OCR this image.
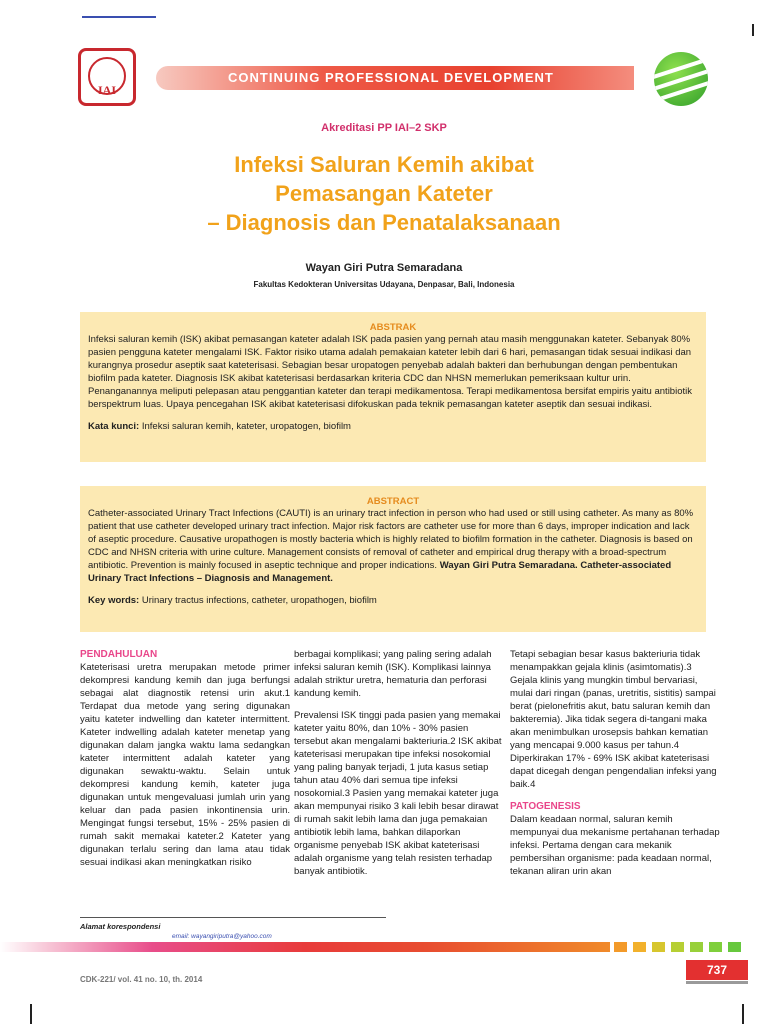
IAI
CONTINUING PROFESSIONAL DEVELOPMENT
Akreditasi PP IAI–2 SKP
Infeksi Saluran Kemih akibat
Pemasangan Kateter
– Diagnosis dan Penatalaksanaan
Wayan Giri Putra Semaradana
Fakultas Kedokteran Universitas Udayana, Denpasar, Bali, Indonesia
ABSTRAK

Infeksi saluran kemih (ISK) akibat pemasangan kateter adalah ISK pada pasien yang pernah atau masih menggunakan kateter. Sebanyak 80% pasien pengguna kateter mengalami ISK. Faktor risiko utama adalah pemakaian kateter lebih dari 6 hari, pemasangan tidak sesuai indikasi dan kurangnya prosedur aseptik saat kateterisasi. Sebagian besar uropatogen penyebab adalah bakteri dan berhubungan dengan pembentukan biofilm pada kateter. Diagnosis ISK akibat kateterisasi berdasarkan kriteria CDC dan NHSN memerlukan pemeriksaan kultur urin. Penanganannya meliputi pelepasan atau penggantian kateter dan terapi medikamentosa. Terapi medikamentosa bersifat empiris yaitu antibiotik berspektrum luas. Upaya pencegahan ISK akibat kateterisasi difokuskan pada teknik pemasangan kateter aseptik dan sesuai indikasi.

Kata kunci: Infeksi saluran kemih, kateter, uropatogen, biofilm

ABSTRACT

Catheter-associated Urinary Tract Infections (CAUTI) is an urinary tract infection in person who had used or still using catheter. As many as 80% patient that use catheter developed urinary tract infection. Major risk factors are catheter use for more than 6 days, improper indication and lack of aseptic procedure. Causative uropathogen is mostly bacteria which is highly related to biofilm formation in the catheter. Diagnosis is based on CDC and NHSN criteria with urine culture. Management consists of removal of catheter and empirical drug therapy with a broad-spectrum antibiotic. Prevention is mainly focused in aseptic technique and proper indications. Wayan Giri Putra Semaradana. Catheter-associated Urinary Tract Infections – Diagnosis and Management.

Key words: Urinary tractus infections, catheter, uropathogen, biofilm

PENDAHULUAN

Kateterisasi uretra merupakan metode primer dekompresi kandung kemih dan juga berfungsi sebagai alat diagnostik retensi urin akut.1 Terdapat dua metode yang sering digunakan yaitu kateter indwelling dan kateter intermittent. Kateter indwelling adalah kateter menetap yang digunakan dalam jangka waktu lama sedangkan kateter intermittent adalah kateter yang digunakan sewaktu-waktu. Selain untuk dekompresi kandung kemih, kateter juga digunakan untuk mengevaluasi jumlah urin yang keluar dan pada pasien inkontinensia urin. Mengingat fungsi tersebut, 15% - 25% pasien di rumah sakit memakai kateter.2 Kateter yang digunakan terlalu sering dan lama atau tidak sesuai indikasi akan meningkatkan risiko

berbagai komplikasi; yang paling sering adalah infeksi saluran kemih (ISK). Komplikasi lainnya adalah striktur uretra, hematuria dan perforasi kandung kemih.

Prevalensi ISK tinggi pada pasien yang memakai kateter yaitu 80%, dan 10% - 30% pasien tersebut akan mengalami bakteriuria.2 ISK akibat kateterisasi merupakan tipe infeksi nosokomial yang paling banyak terjadi, 1 juta kasus setiap tahun atau 40% dari semua tipe infeksi nosokomial.3 Pasien yang memakai kateter juga akan mempunyai risiko 3 kali lebih besar dirawat di rumah sakit lebih lama dan juga pemakaian antibiotik lebih lama, bahkan dilaporkan organisme penyebab ISK akibat kateterisasi adalah organisme yang telah resisten terhadap banyak antibiotik.

Tetapi sebagian besar kasus bakteriuria tidak menampakkan gejala klinis (asimtomatis).3 Gejala klinis yang mungkin timbul bervariasi, mulai dari ringan (panas, uretritis, sistitis) sampai berat (pielonefritis akut, batu saluran kemih dan bakteremia). Jika tidak segera di-tangani maka akan menimbulkan urosepsis bahkan kematian yang mencapai 9.000 kasus per tahun.4 Diperkirakan 17% - 69% ISK akibat kateterisasi dapat dicegah dengan pengendalian infeksi yang baik.4

PATOGENESIS

Dalam keadaan normal, saluran kemih mempunyai dua mekanisme pertahanan terhadap infeksi. Pertama dengan cara mekanik pembersihan organisme: pada keadaan normal, tekanan aliran urin akan

Alamat korespondensi
email: wayangiriputra@yahoo.com
CDK-221/ vol. 41 no. 10, th. 2014
737
